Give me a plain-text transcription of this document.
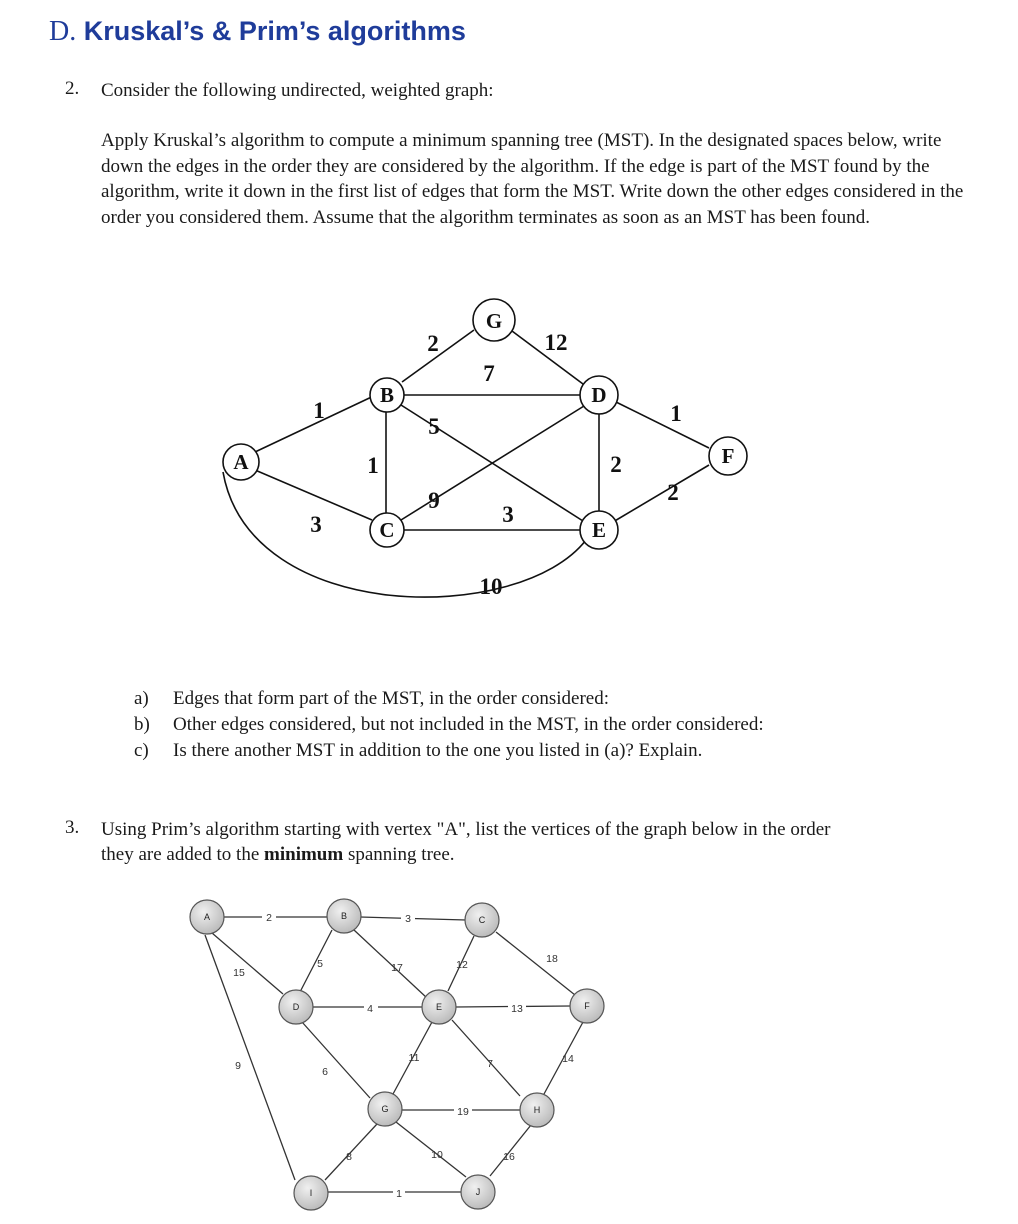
D. Kruskal’s & Prim’s algorithms
2. Consider the following undirected, weighted graph:
Apply Kruskal’s algorithm to compute a minimum spanning tree (MST). In the designated spaces below, write down the edges in the order they are considered by the algorithm. If the edge is part of the MST found by the algorithm, write it down in the first list of edges that form the MST. Write down the other edges considered in the order you considered them. Assume that the algorithm terminates as soon as an MST has been found.
A
B
C
D
E
F
G
1
3
1
2	12
7
5
9
3
2
1
2
10
A	B	C
D	E	F
G	H
I	J
2	3
15
9
5	17	12	18
4	13
6
11	7	14
19
8	10	16
1
a) Edges that form part of the MST, in the order considered:
b) Other edges considered, but not included in the MST, in the order considered:
c) Is there another MST in addition to the one you listed in (a)? Explain.
3. Using Prim’s algorithm starting with vertex "A", list the vertices of the graph below in the order
they are added to the minimum spanning tree.
